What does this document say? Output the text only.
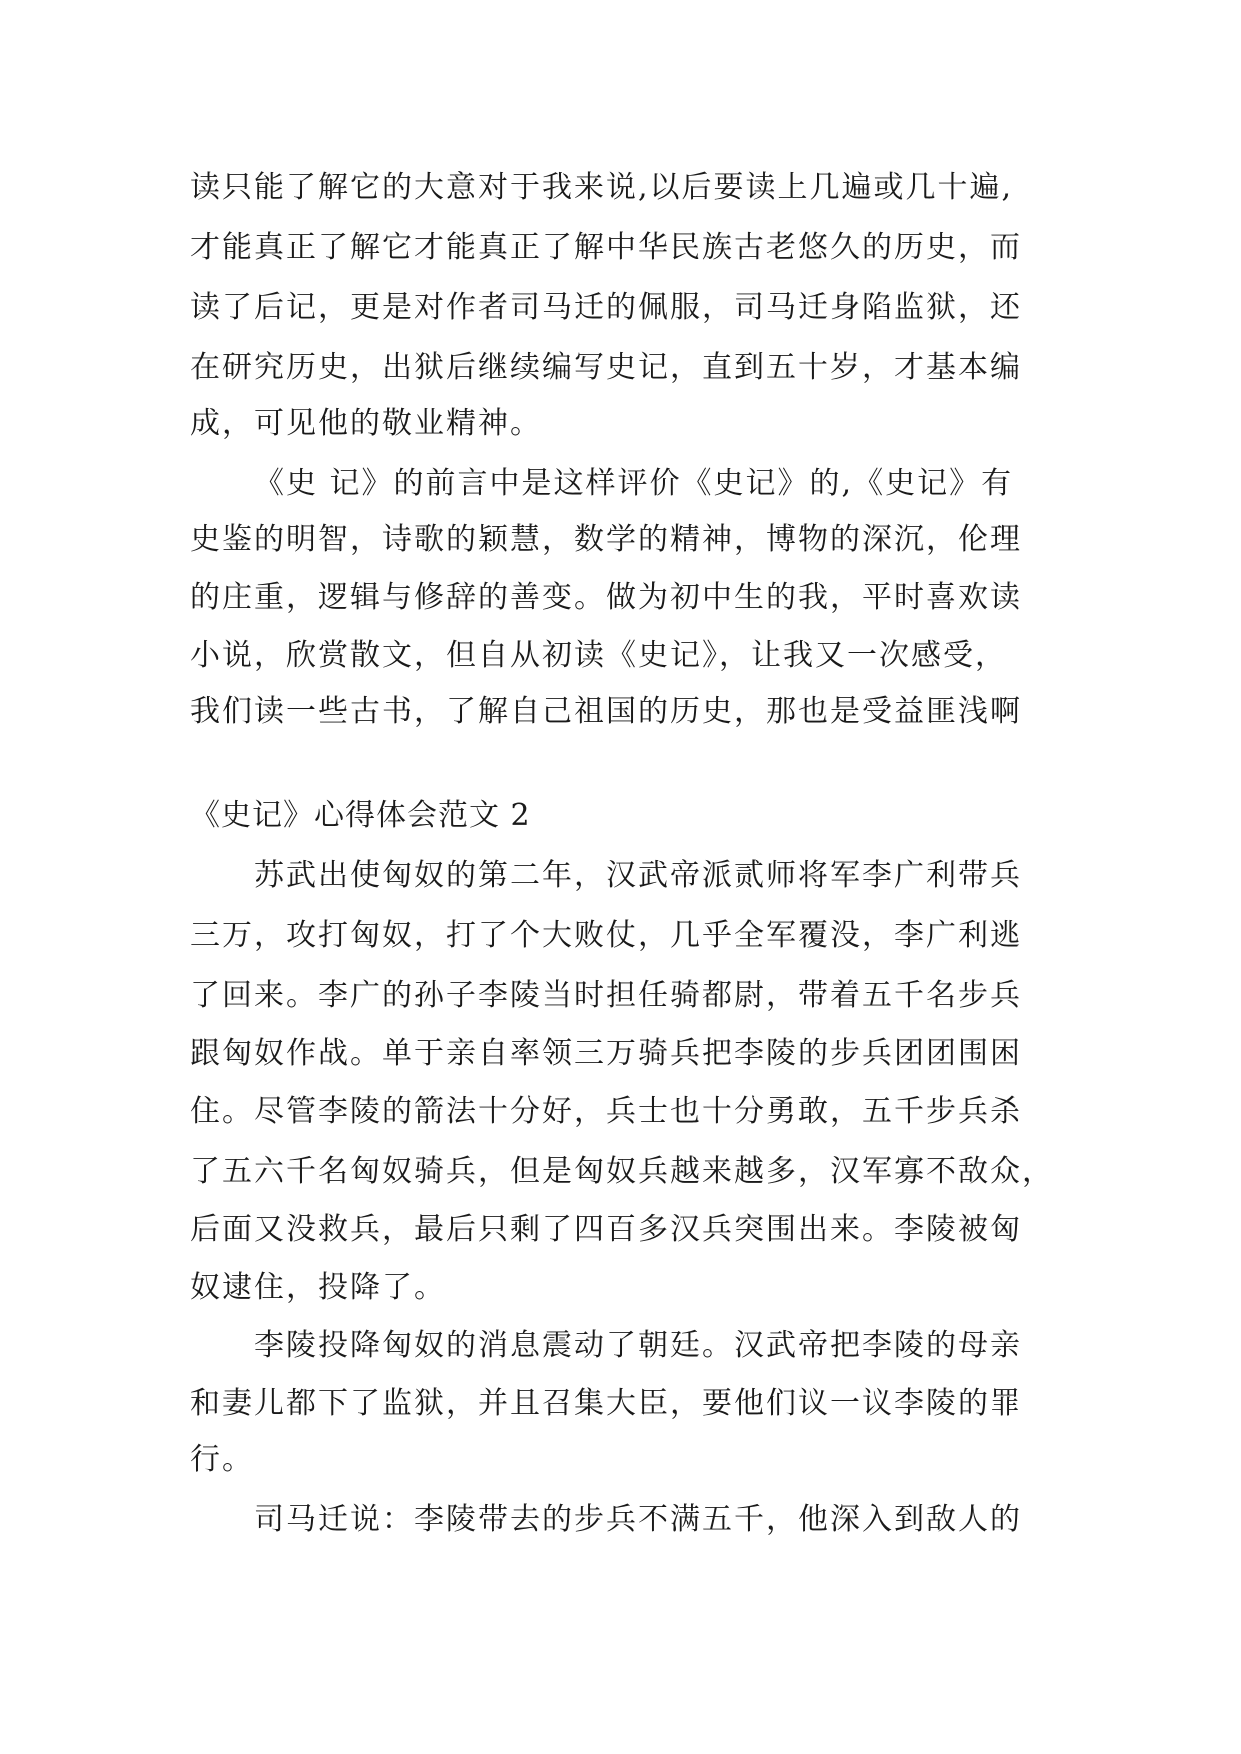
读只能了解它的大意对于我来说,以后要读上几遍或几十遍,
才能真正了解它才能真正了解中华民族古老悠久的历史，而
读了后记，更是对作者司马迁的佩服，司马迁身陷监狱，还
在研究历史，出狱后继续编写史记，直到五十岁，才基本编
成，可见他的敬业精神。
《史 记》的前言中是这样评价《史记》的,《史记》有
史鉴的明智，诗歌的颖慧，数学的精神，博物的深沉，伦理
的庄重，逻辑与修辞的善变。做为初中生的我，平时喜欢读
小说，欣赏散文，但自从初读《史记》，让我又一次感受，
我们读一些古书，了解自己祖国的历史，那也是受益匪浅啊
《史记》心得体会范文 2
苏武出使匈奴的第二年，汉武帝派贰师将军李广利带兵
三万，攻打匈奴，打了个大败仗，几乎全军覆没，李广利逃
了回来。李广的孙子李陵当时担任骑都尉，带着五千名步兵
跟匈奴作战。单于亲自率领三万骑兵把李陵的步兵团团围困
住。尽管李陵的箭法十分好，兵士也十分勇敢，五千步兵杀
了五六千名匈奴骑兵，但是匈奴兵越来越多，汉军寡不敌众，
后面又没救兵，最后只剩了四百多汉兵突围出来。李陵被匈
奴逮住，投降了。
李陵投降匈奴的消息震动了朝廷。汉武帝把李陵的母亲
和妻儿都下了监狱，并且召集大臣，要他们议一议李陵的罪
行。
司马迁说：李陵带去的步兵不满五千，他深入到敌人的
